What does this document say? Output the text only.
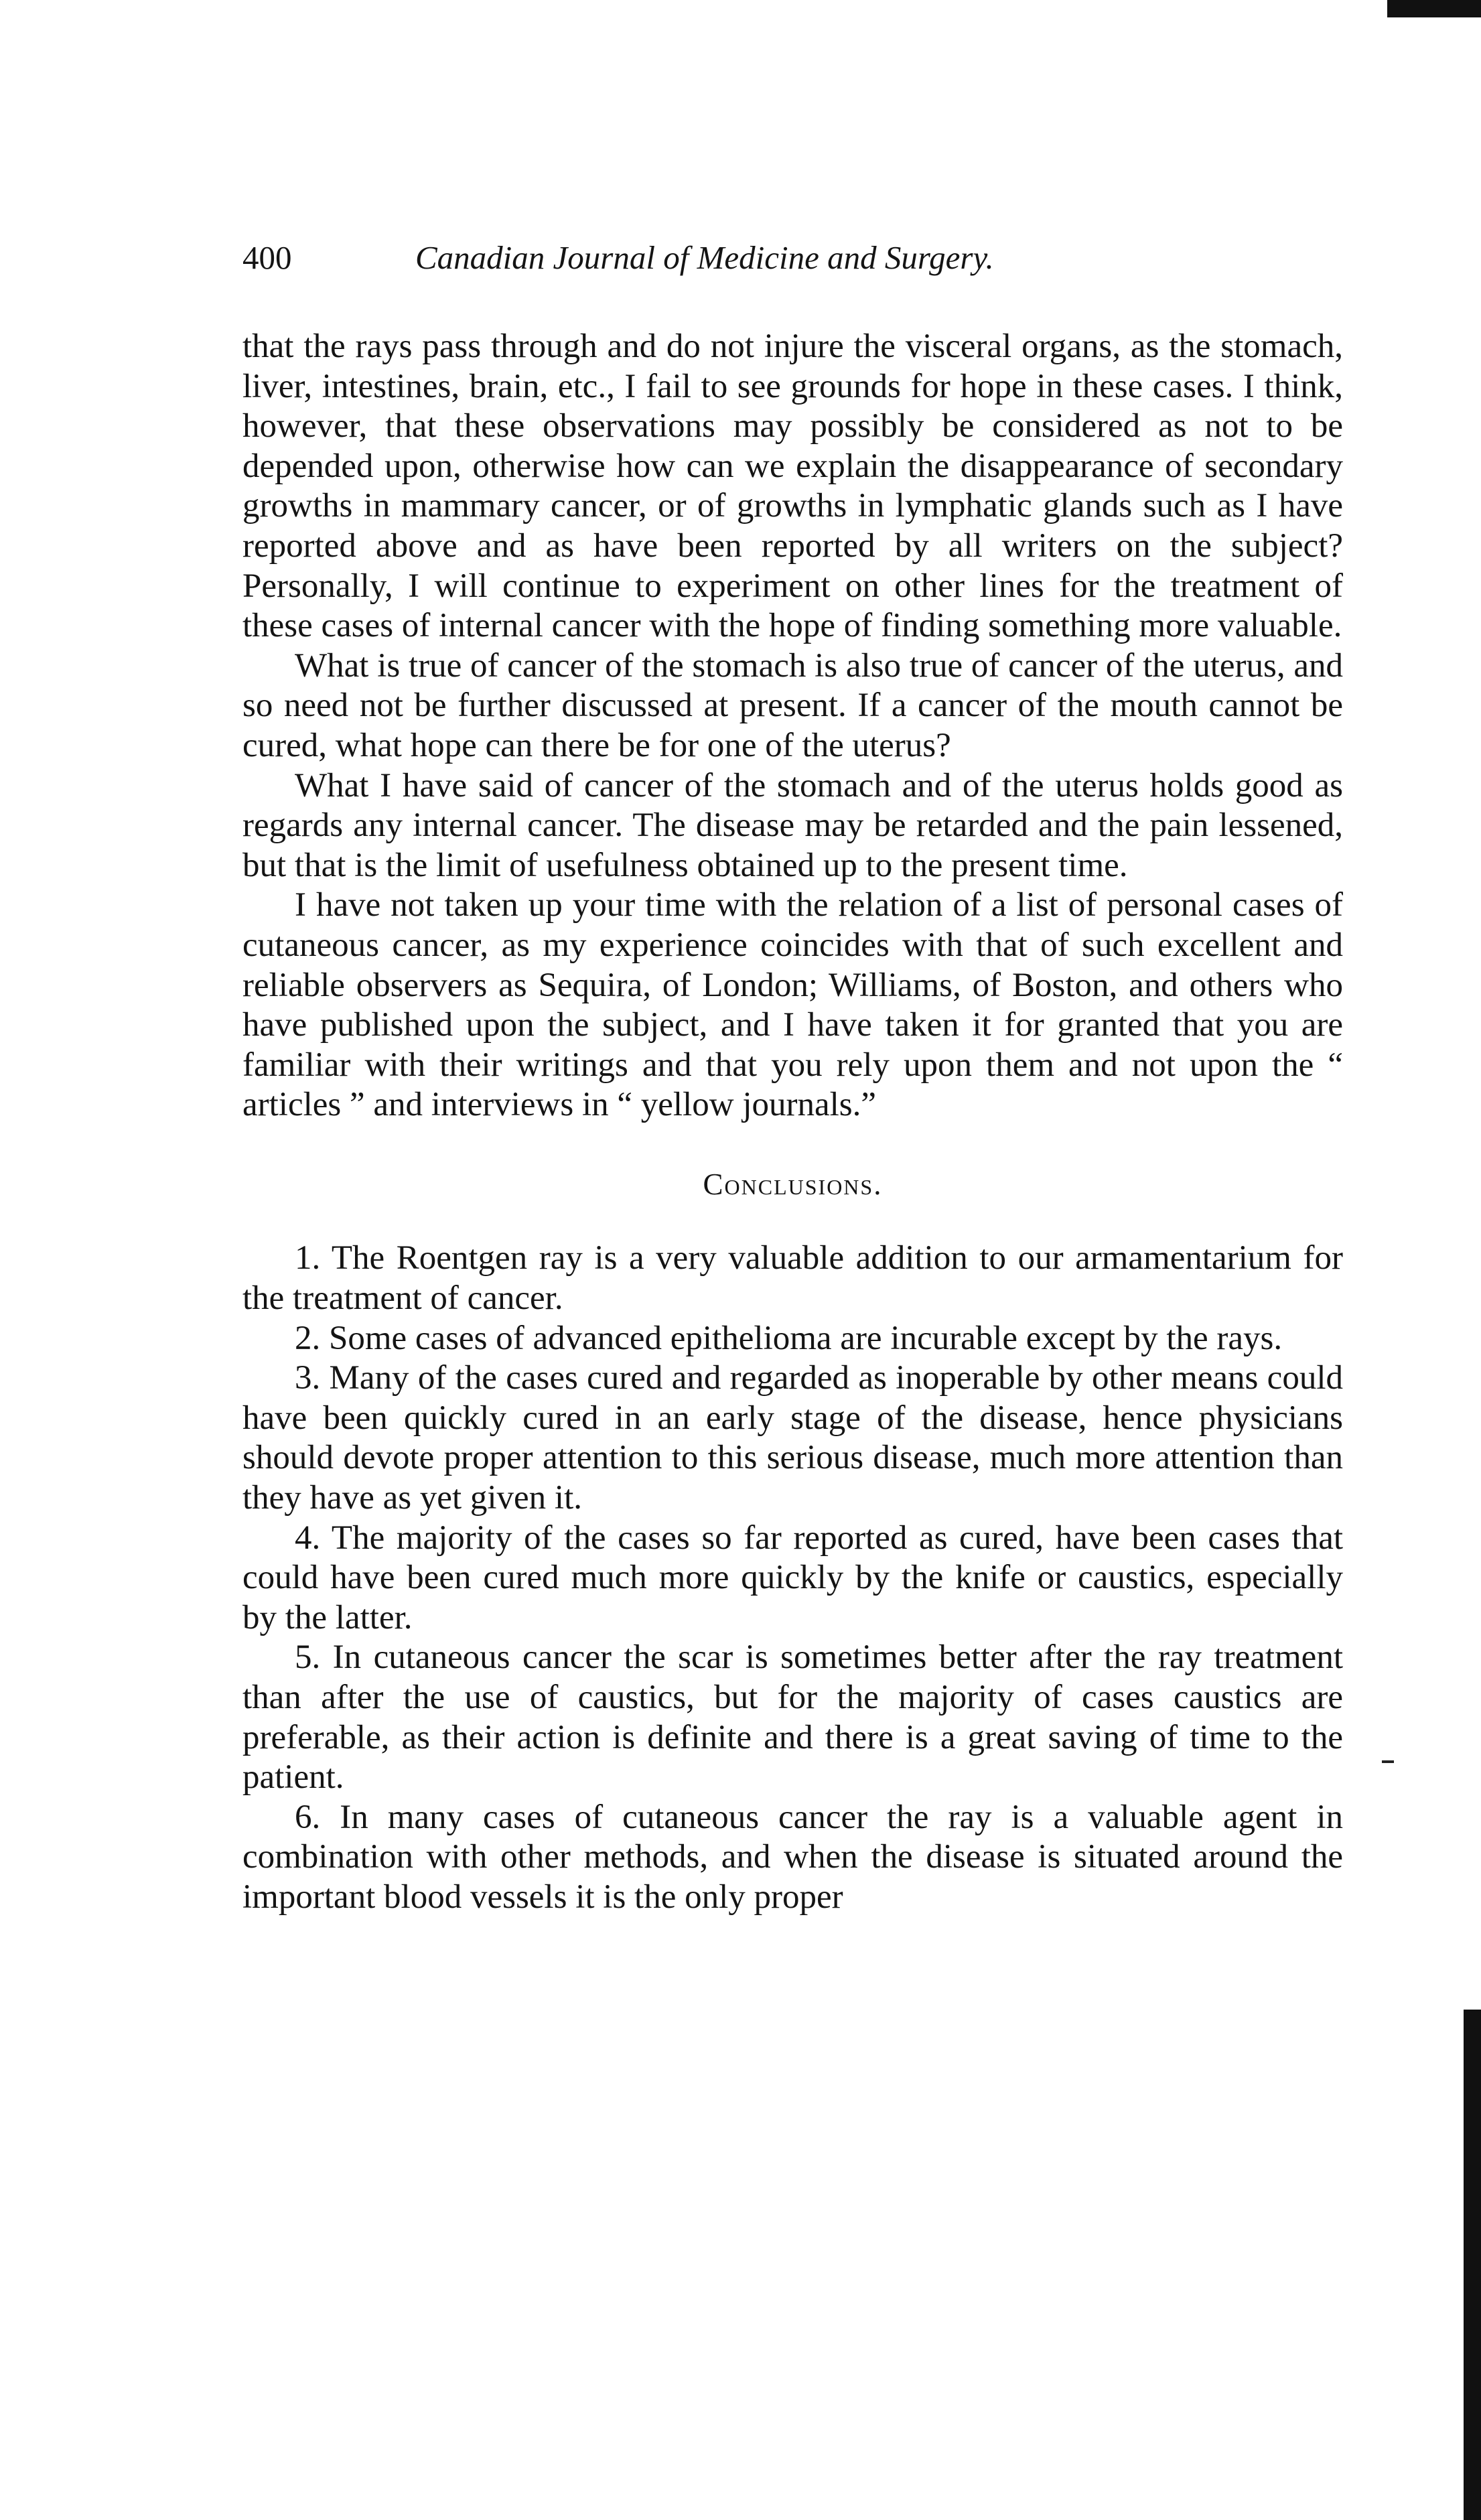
400	Canadian Journal of Medicine and Surgery.

that the rays pass through and do not injure the visceral organs, as the stomach, liver, intestines, brain, etc., I fail to see grounds for hope in these cases. I think, however, that these observations may possibly be considered as not to be depended upon, otherwise how can we explain the disappearance of secondary growths in mammary cancer, or of growths in lymphatic glands such as I have reported above and as have been reported by all writers on the subject? Personally, I will continue to experiment on other lines for the treatment of these cases of internal cancer with the hope of finding something more valuable.

What is true of cancer of the stomach is also true of cancer of the uterus, and so need not be further discussed at present. If a cancer of the mouth cannot be cured, what hope can there be for one of the uterus?

What I have said of cancer of the stomach and of the uterus holds good as regards any internal cancer. The disease may be retarded and the pain lessened, but that is the limit of usefulness obtained up to the present time.

I have not taken up your time with the relation of a list of personal cases of cutaneous cancer, as my experience coincides with that of such excellent and reliable observers as Sequira, of London; Williams, of Boston, and others who have published upon the subject, and I have taken it for granted that you are familiar with their writings and that you rely upon them and not upon the “ articles ” and interviews in “ yellow journals.”

Conclusions.

1. The Roentgen ray is a very valuable addition to our armamentarium for the treatment of cancer.

2. Some cases of advanced epithelioma are incurable except by the rays.

3. Many of the cases cured and regarded as inoperable by other means could have been quickly cured in an early stage of the disease, hence physicians should devote proper attention to this serious disease, much more attention than they have as yet given it.

4. The majority of the cases so far reported as cured, have been cases that could have been cured much more quickly by the knife or caustics, especially by the latter.

5. In cutaneous cancer the scar is sometimes better after the ray treatment than after the use of caustics, but for the majority of cases caustics are preferable, as their action is definite and there is a great saving of time to the patient.

6. In many cases of cutaneous cancer the ray is a valuable agent in combination with other methods, and when the disease is situated around the important blood vessels it is the only proper
